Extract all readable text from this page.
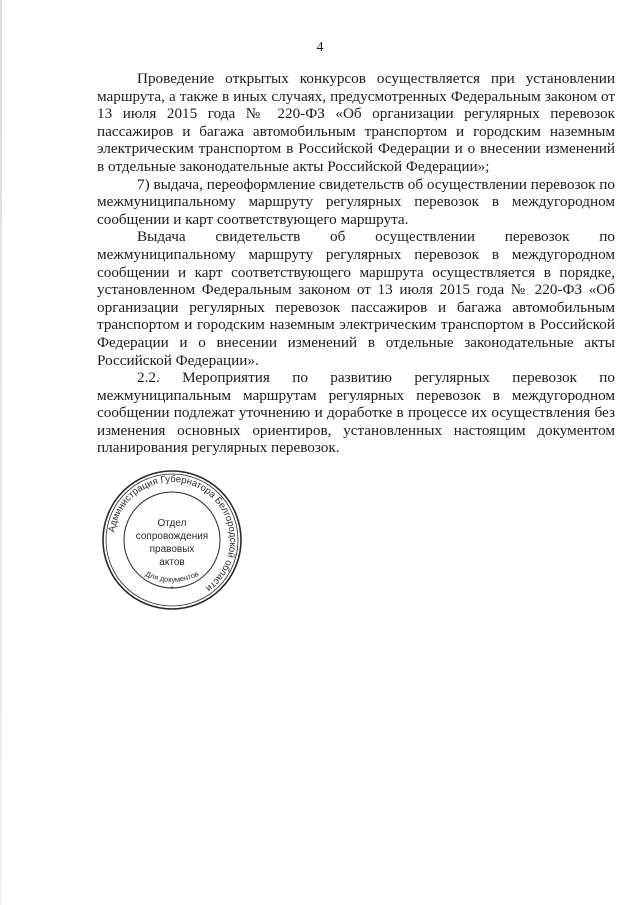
4

Проведение открытых конкурсов осуществляется при установлении маршрута, а также в иных случаях, предусмотренных Федеральным законом от 13 июля 2015 года № 220-ФЗ «Об организации регулярных перевозок пассажиров и багажа автомобильным транспортом и городским наземным электрическим транспортом в Российской Федерации и о внесении изменений в отдельные законодательные акты Российской Федерации»;

7) выдача, переоформление свидетельств об осуществлении перевозок по межмуниципальному маршруту регулярных перевозок в междугородном сообщении и карт соответствующего маршрута.

Выдача свидетельств об осуществлении перевозок по межмуниципальному маршруту регулярных перевозок в междугородном сообщении и карт соответствующего маршрута осуществляется в порядке, установленном Федеральным законом от 13 июля 2015 года № 220-ФЗ «Об организации регулярных перевозок пассажиров и багажа автомобильным транспортом и городским наземным электрическим транспортом в Российской Федерации и о внесении изменений в отдельные законодательные акты Российской Федерации».

2.2. Мероприятия по развитию регулярных перевозок по межмуниципальным маршрутам регулярных перевозок в междугородном сообщении подлежат уточнению и доработке в процессе их осуществления без изменения основных ориентиров, установленных настоящим документом планирования регулярных перевозок.

Администрация Губернатора Белгородской области
Отдел
сопровождения
правовых
актов
Для документов
*
